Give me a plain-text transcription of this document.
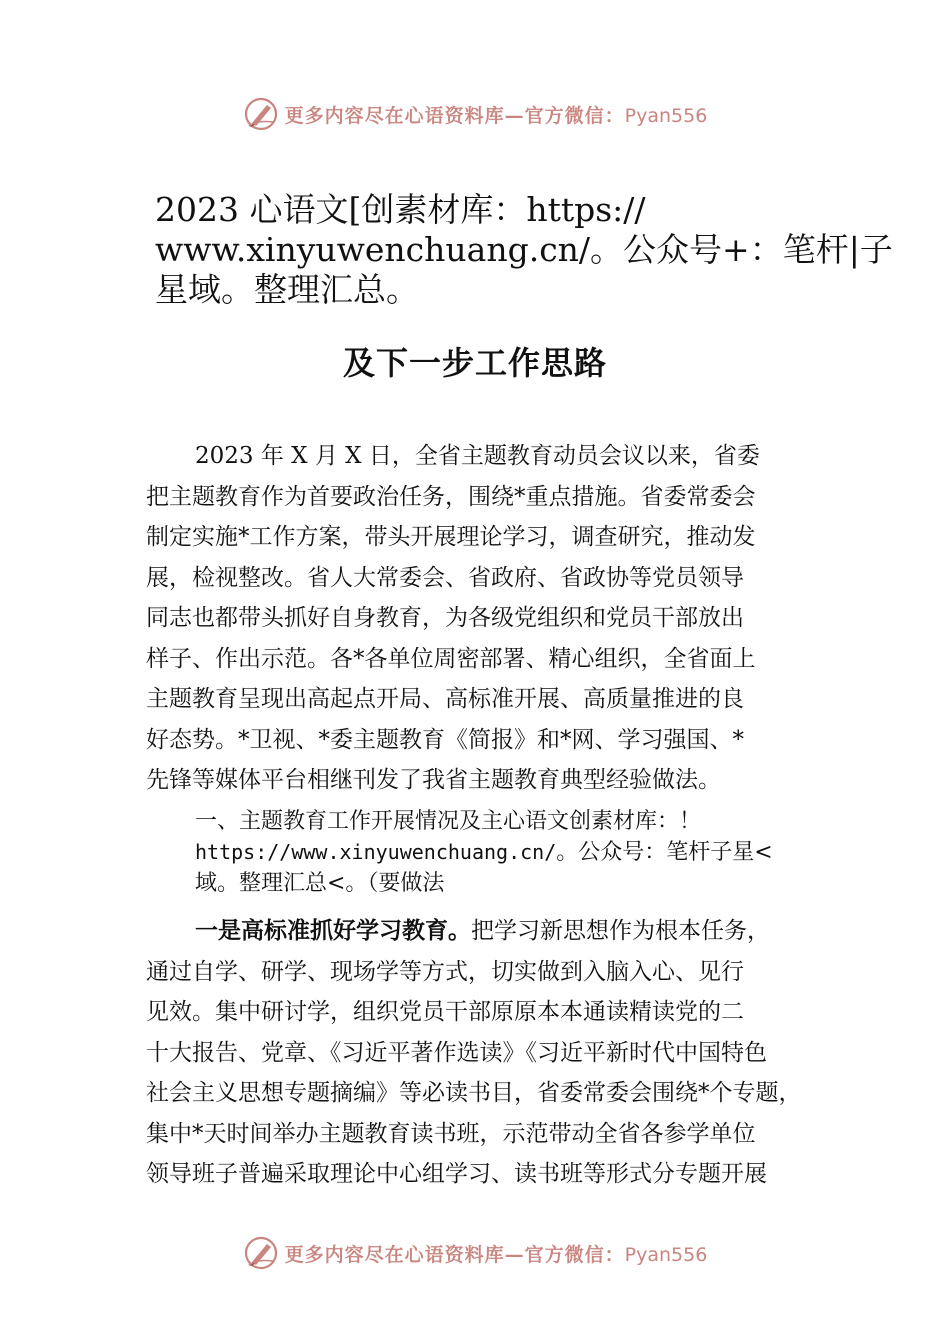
更多内容尽在心语资料库—官方微信：Pyan556
2023 心语文[创素材库：https://
www.xinyuwenchuang.cn/。公众号+：笔杆|子
星域。整理汇总。
及下一步工作思路
2023 年 X 月 X 日，全省主题教育动员会议以来，省委
把主题教育作为首要政治任务，围绕*重点措施。省委常委会
制定实施*工作方案，带头开展理论学习，调查研究，推动发
展，检视整改。省人大常委会、省政府、省政协等党员领导
同志也都带头抓好自身教育，为各级党组织和党员干部放出
样子、作出示范。各*各单位周密部署、精心组织，全省面上
主题教育呈现出高起点开局、高标准开展、高质量推进的良
好态势。*卫视、*委主题教育《简报》和*网、学习强国、*
先锋等媒体平台相继刊发了我省主题教育典型经验做法。
一、主题教育工作开展情况及主心语文创素材库：！
https://www.xinyuwenchuang.cn/。公众号：笔杆子星<
域。整理汇总<。（要做法
一是高标准抓好学习教育。把学习新思想作为根本任务，
通过自学、研学、现场学等方式，切实做到入脑入心、见行
见效。集中研讨学，组织党员干部原原本本通读精读党的二
十大报告、党章、《习近平著作选读》《习近平新时代中国特色
社会主义思想专题摘编》等必读书目，省委常委会围绕*个专题，
集中*天时间举办主题教育读书班，示范带动全省各参学单位
领导班子普遍采取理论中心组学习、读书班等形式分专题开展
更多内容尽在心语资料库—官方微信：Pyan556
